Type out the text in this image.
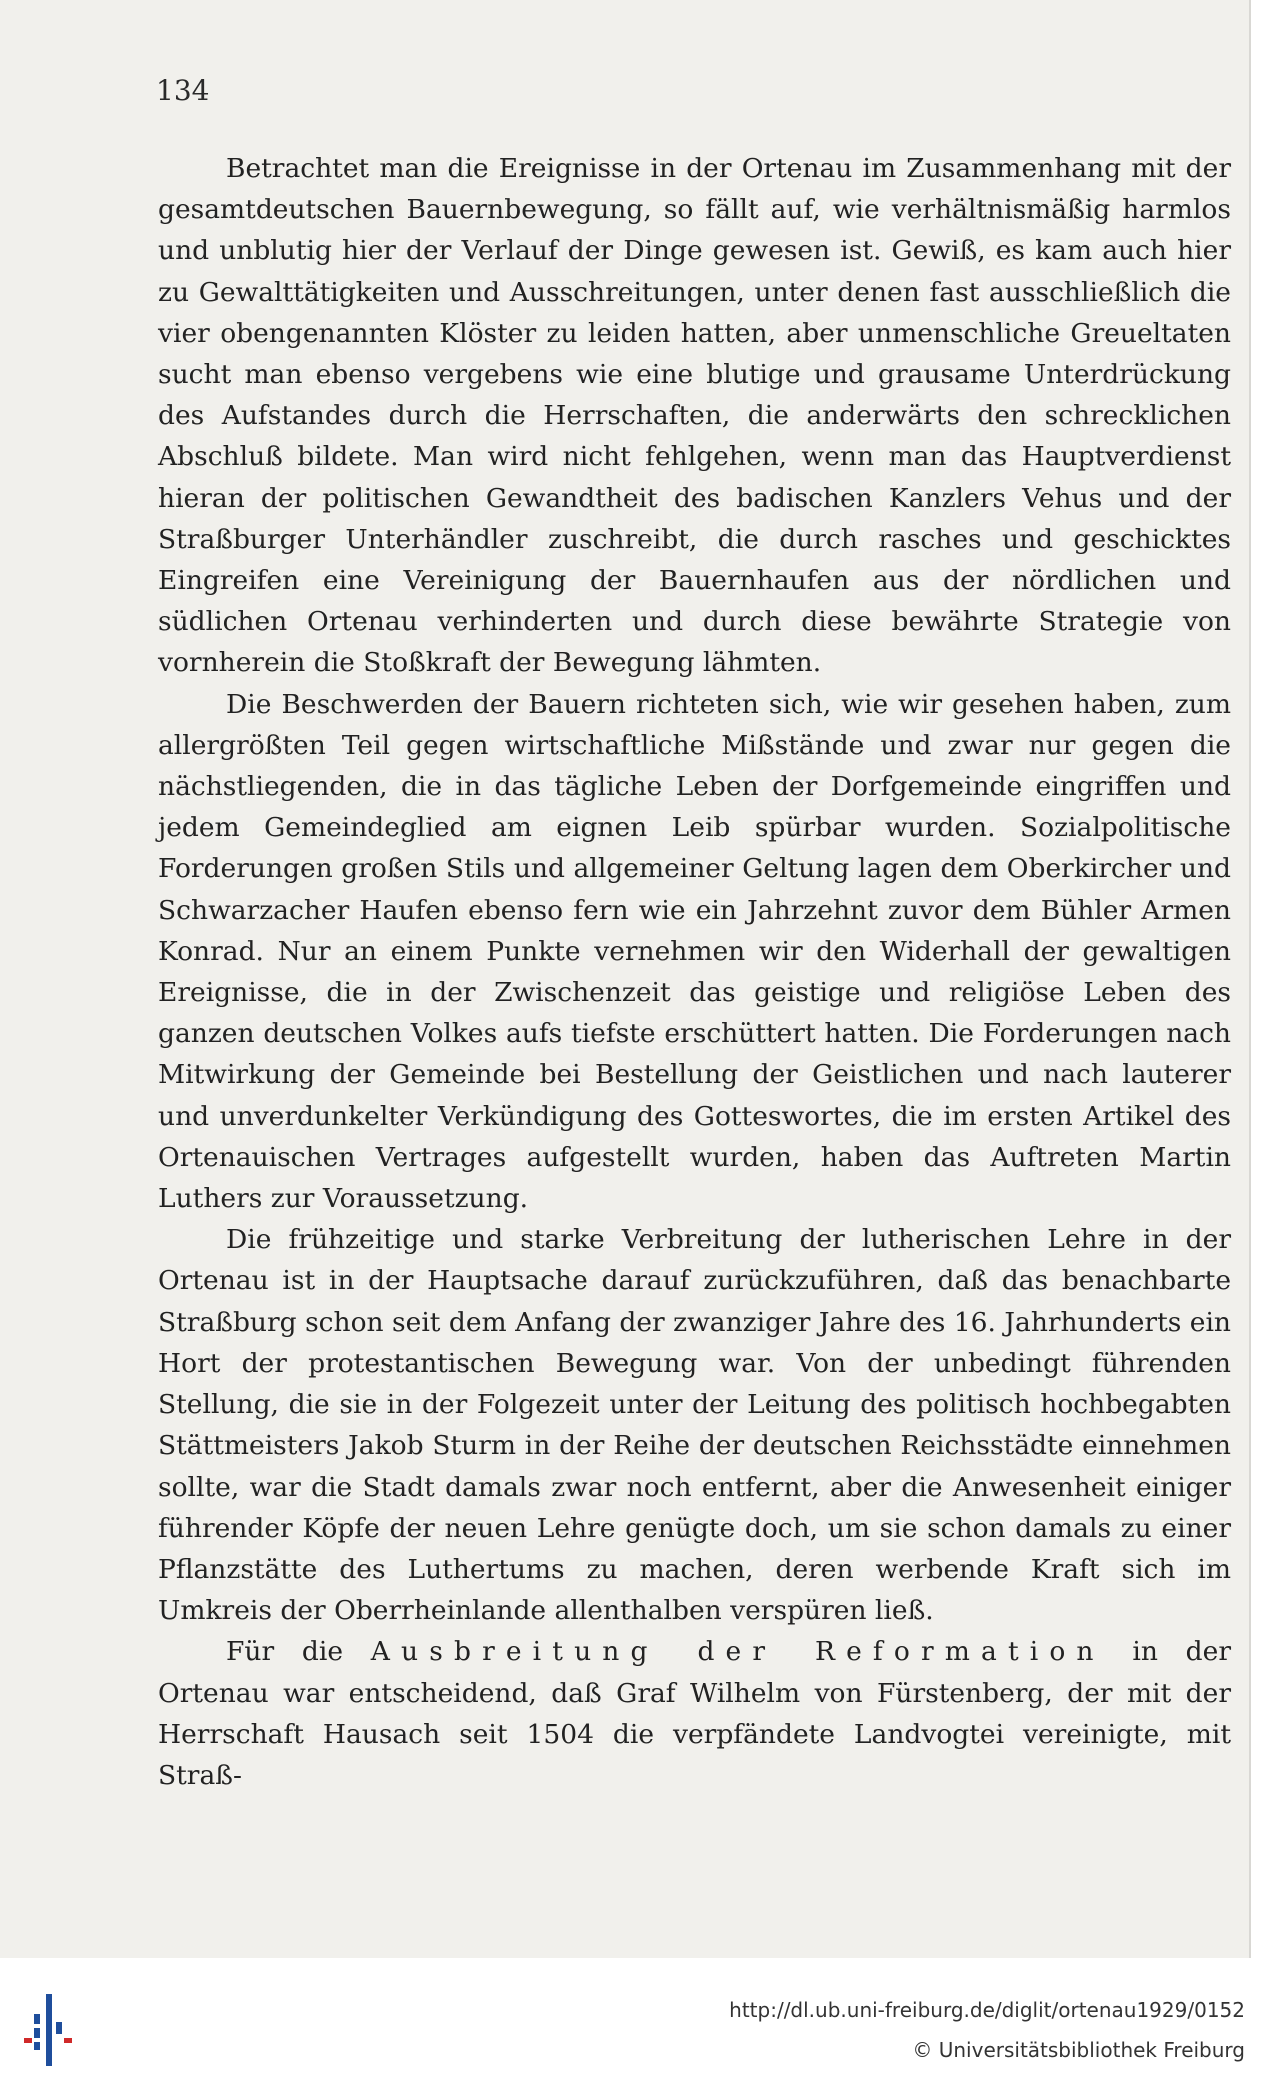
134

Betrachtet man die Ereignisse in der Ortenau im Zusammenhang mit der gesamtdeutschen Bauernbewegung, so fällt auf, wie verhältnismäßig harmlos und unblutig hier der Verlauf der Dinge gewesen ist. Gewiß, es kam auch hier zu Gewalttätigkeiten und Ausschreitungen, unter denen fast ausschließlich die vier obengenannten Klöster zu leiden hatten, aber unmenschliche Greueltaten sucht man ebenso vergebens wie eine blutige und grausame Unterdrückung des Aufstandes durch die Herrschaften, die anderwärts den schrecklichen Abschluß bildete. Man wird nicht fehlgehen, wenn man das Hauptverdienst hieran der politischen Gewandtheit des badischen Kanzlers Vehus und der Straßburger Unterhändler zuschreibt, die durch rasches und geschicktes Eingreifen eine Vereinigung der Bauernhaufen aus der nördlichen und südlichen Ortenau verhinderten und durch diese bewährte Strategie von vornherein die Stoßkraft der Bewegung lähmten.

Die Beschwerden der Bauern richteten sich, wie wir gesehen haben, zum allergrößten Teil gegen wirtschaftliche Mißstände und zwar nur gegen die nächstliegenden, die in das tägliche Leben der Dorfgemeinde eingriffen und jedem Gemeindeglied am eignen Leib spürbar wurden. Sozialpolitische Forderungen großen Stils und allgemeiner Geltung lagen dem Oberkircher und Schwarzacher Haufen ebenso fern wie ein Jahrzehnt zuvor dem Bühler Armen Konrad. Nur an einem Punkte vernehmen wir den Widerhall der gewaltigen Ereignisse, die in der Zwischenzeit das geistige und religiöse Leben des ganzen deutschen Volkes aufs tiefste erschüttert hatten. Die Forderungen nach Mitwirkung der Gemeinde bei Bestellung der Geistlichen und nach lauterer und unverdunkelter Verkündigung des Gotteswortes, die im ersten Artikel des Ortenauischen Vertrages aufgestellt wurden, haben das Auftreten Martin Luthers zur Voraussetzung.

Die frühzeitige und starke Verbreitung der lutherischen Lehre in der Ortenau ist in der Hauptsache darauf zurückzuführen, daß das benachbarte Straßburg schon seit dem Anfang der zwanziger Jahre des 16. Jahrhunderts ein Hort der protestantischen Bewegung war. Von der unbedingt führenden Stellung, die sie in der Folgezeit unter der Leitung des politisch hochbegabten Stättmeisters Jakob Sturm in der Reihe der deutschen Reichsstädte einnehmen sollte, war die Stadt damals zwar noch entfernt, aber die Anwesenheit einiger führender Köpfe der neuen Lehre genügte doch, um sie schon damals zu einer Pflanzstätte des Luthertums zu machen, deren werbende Kraft sich im Umkreis der Oberrheinlande allenthalben verspüren ließ.

Für die Ausbreitung der Reformation in der Ortenau war entscheidend, daß Graf Wilhelm von Fürstenberg, der mit der Herrschaft Hausach seit 1504 die verpfändete Landvogtei vereinigte, mit Straß-

http://dl.ub.uni-freiburg.de/diglit/ortenau1929/0152
© Universitätsbibliothek Freiburg
